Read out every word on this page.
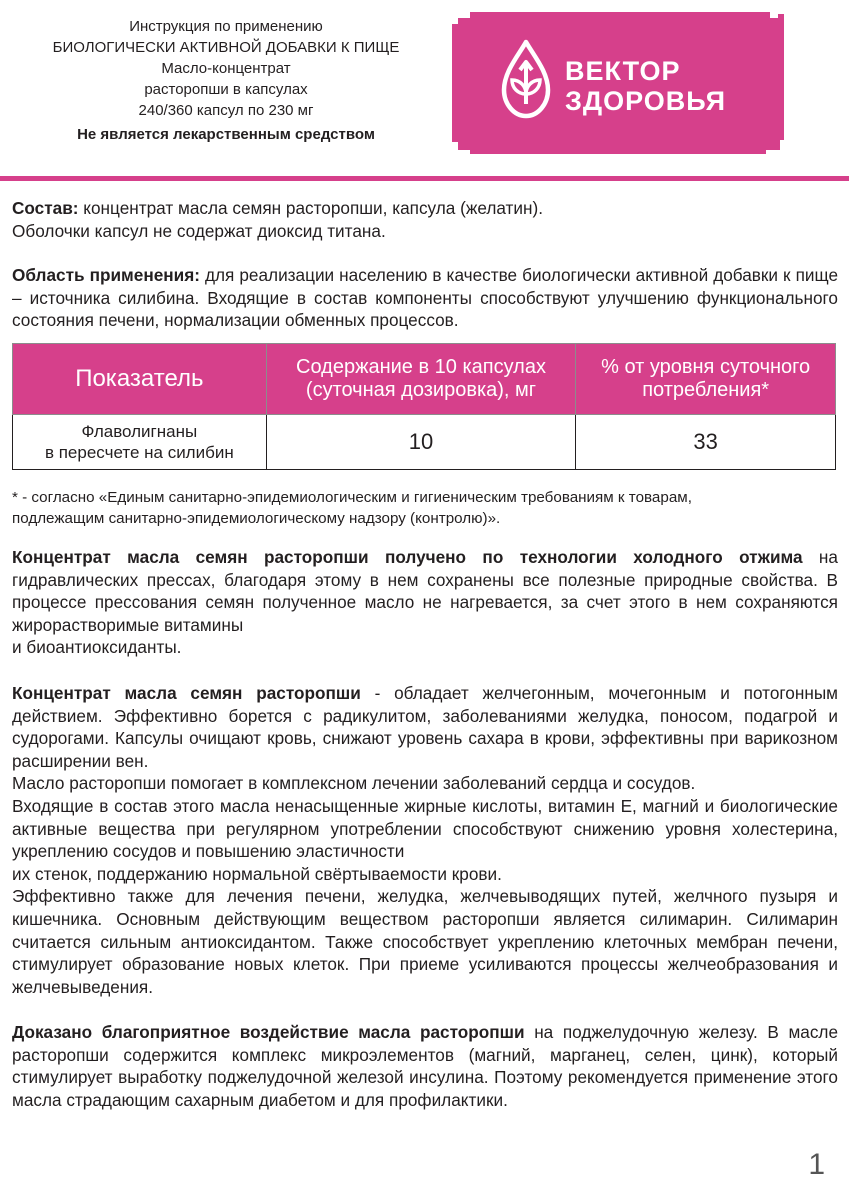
Инструкция по применению
БИОЛОГИЧЕСКИ АКТИВНОЙ ДОБАВКИ К ПИЩЕ
Масло-концентрат
расторопши в капсулах
240/360 капсул по 230 мг
Не является лекарственным средством
ВЕКТОР
ЗДОРОВЬЯ

Состав: концентрат масла семян расторопши, капсула (желатин).

Оболочки капсул не содержат диоксид титана.

Область применения: для реализации населению в качестве биологически активной добавки к пище – источника силибина. Входящие в состав компоненты способствуют улучшению функционального состояния печени, нормализации обменных процессов.

Показатель	Содержание в 10 капсулах (суточная дозировка), мг	% от уровня суточного потребления*

Флаволигнаны
в пересчете на силибин	10	33
* - согласно «Единым санитарно-эпидемиологическим и гигиеническим требованиям к товарам,
подлежащим санитарно-эпидемиологическому надзору (контролю)».

Концентрат масла семян расторопши получено по технологии холодного отжима на гидравлических прессах, благодаря этому в нем сохранены все полезные природные свойства. В процессе прессования семян полученное масло не нагревается, за счет этого в нем сохраняются жирорастворимые витамины

и биоантиоксиданты.

Концентрат масла семян расторопши - обладает желчегонным, мочегонным и потогонным действием. Эффективно борется с радикулитом, заболеваниями желудка, поносом, подагрой и судорогами. Капсулы очищают кровь, снижают уровень сахара в крови, эффективны при варикозном расширении вен.

Масло расторопши помогает в комплексном лечении заболеваний сердца и сосудов.

Входящие в состав этого масла ненасыщенные жирные кислоты, витамин Е, магний и биологические активные вещества при регулярном употреблении способствуют снижению уровня холестерина, укреплению сосудов и повышению эластичности

их стенок, поддержанию нормальной свёртываемости крови.

Эффективно также для лечения печени, желудка, желчевыводящих путей, желчного пузыря и кишечника. Основным действующим веществом расторопши является силимарин. Силимарин считается сильным антиоксидантом. Также способствует укреплению клеточных мембран печени, стимулирует образование новых клеток. При приеме усиливаются процессы желчеобразования и желчевыведения.

Доказано благоприятное воздействие масла расторопши на поджелудочную железу. В масле расторопши содержится комплекс микроэлементов (магний, марганец, селен, цинк), который стимулирует выработку поджелудочной железой инсулина. Поэтому рекомендуется применение этого масла страдающим сахарным диабетом и для профилактики.

1
